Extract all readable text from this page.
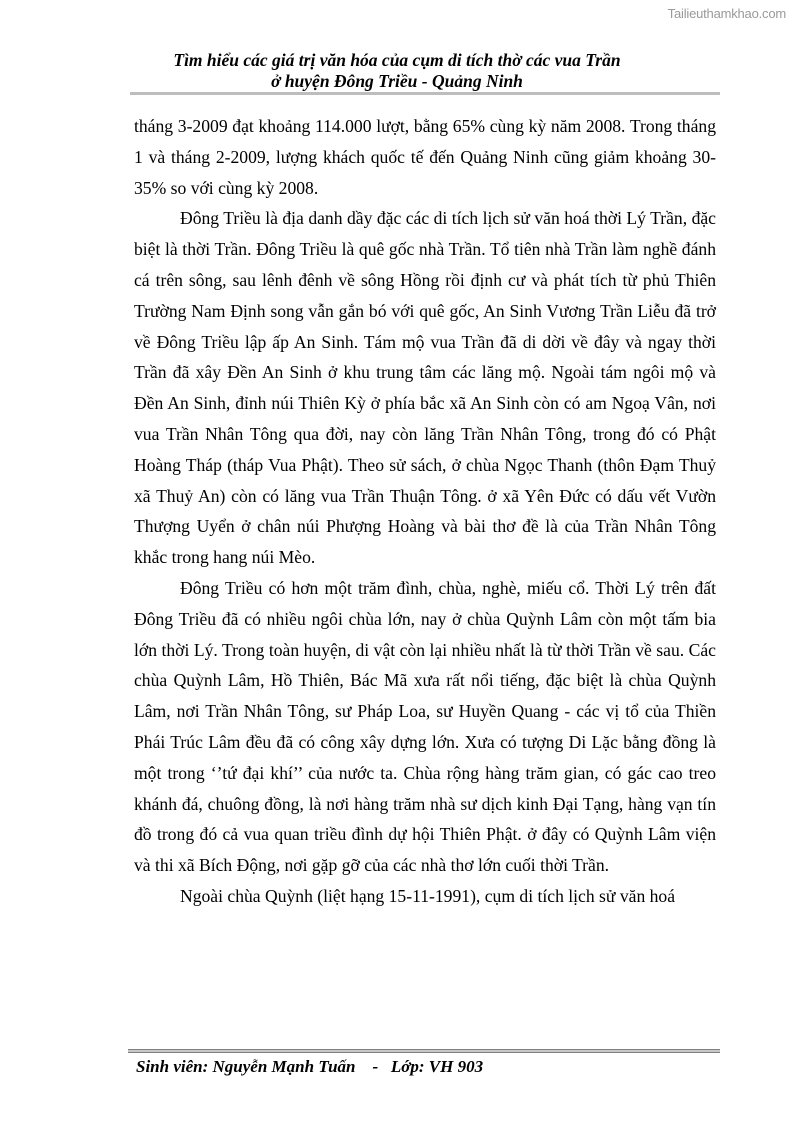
Tailieuthamkhao.com
Tìm hiểu các giá trị văn hóa của cụm di tích thờ các vua Trần
ở huyện Đông Triều - Quảng Ninh

tháng 3-2009 đạt khoảng 114.000 lượt, bằng 65% cùng kỳ năm 2008. Trong tháng 1 và tháng 2-2009, lượng khách quốc tế đến Quảng Ninh cũng giảm khoảng 30-35% so với cùng kỳ 2008.

Đông Triều là địa danh dầy đặc các di tích lịch sử văn hoá thời Lý Trần, đặc biệt là thời Trần. Đông Triều là quê gốc nhà Trần. Tổ tiên nhà Trần làm nghề đánh cá trên sông, sau lênh đênh về sông Hồng rồi định cư và phát tích từ phủ Thiên Trường Nam Định song vẫn gắn bó với quê gốc, An Sinh Vương Trần Liễu đã trở về Đông Triều lập ấp An Sinh. Tám mộ vua Trần đã di dời về đây và ngay thời Trần đã xây Đền An Sinh ở khu trung tâm các lăng mộ. Ngoài tám ngôi mộ và Đền An Sinh, đỉnh núi Thiên Kỳ ở phía bắc xã An Sinh còn có am Ngoạ Vân, nơi vua Trần Nhân Tông qua đời, nay còn lăng Trần Nhân Tông, trong đó có Phật Hoàng Tháp (tháp Vua Phật). Theo sử sách, ở chùa Ngọc Thanh (thôn Đạm Thuỷ xã Thuỷ An) còn có lăng vua Trần Thuận Tông. ở xã Yên Đức có dấu vết Vườn Thượng Uyển ở chân núi Phượng Hoàng và bài thơ đề là của Trần Nhân Tông khắc trong hang núi Mèo.

Đông Triều có hơn một trăm đình, chùa, nghè, miếu cổ. Thời Lý trên đất Đông Triều đã có nhiều ngôi chùa lớn, nay ở chùa Quỳnh Lâm còn một tấm bia lớn thời Lý. Trong toàn huyện, di vật còn lại nhiều nhất là từ thời Trần về sau. Các chùa Quỳnh Lâm, Hồ Thiên, Bác Mã xưa rất nổi tiếng, đặc biệt là chùa Quỳnh Lâm, nơi Trần Nhân Tông, sư Pháp Loa, sư Huyền Quang - các vị tổ của Thiền Phái Trúc Lâm đều đã có công xây dựng lớn. Xưa có tượng Di Lặc bằng đồng là một trong ‘’tứ đại khí’’ của nước ta. Chùa rộng hàng trăm gian, có gác cao treo khánh đá, chuông đồng, là nơi hàng trăm nhà sư dịch kinh Đại Tạng, hàng vạn tín đồ trong đó cả vua quan triều đình dự hội Thiên Phật. ở đây có Quỳnh Lâm viện và thi xã Bích Động, nơi gặp gỡ của các nhà thơ lớn cuối thời Trần.

Ngoài chùa Quỳnh (liệt hạng 15-11-1991), cụm di tích lịch sử văn hoá

Sinh viên: Nguyễn Mạnh Tuấn    -   Lớp: VH 903
